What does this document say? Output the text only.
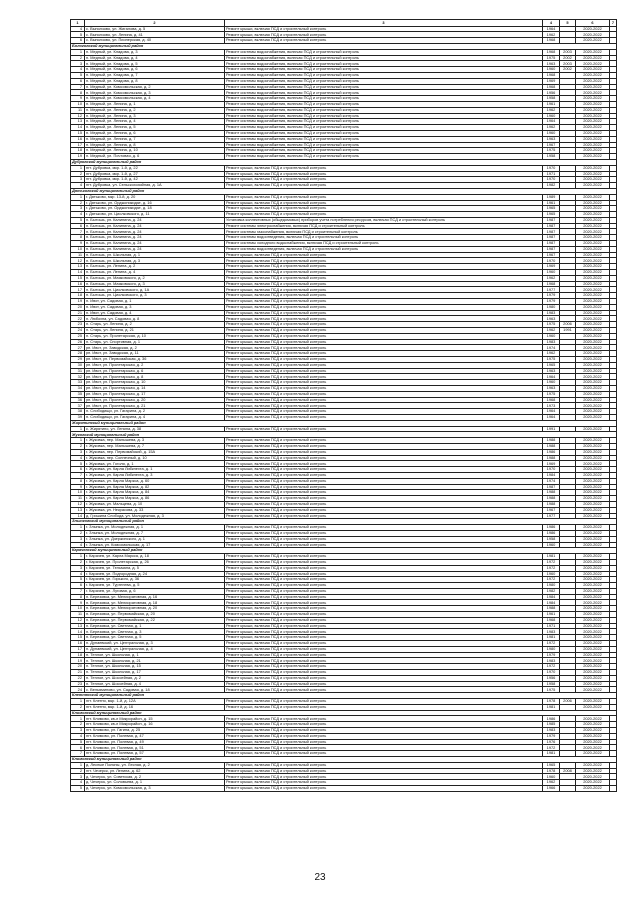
1	2	3	4	5	6	7
4	с. Выползово, ул. Жигалова, д. 5	Ремонт крыши, включая ПСД и строительный контроль	1964		2020-2022	
5	с. Выползово, ул. Ленина, д. 41	Ремонт крыши, включая ПСД и строительный контроль	1962		2020-2022	
6	с. Выползово, ул. Пионерская, д. 40	Ремонт крыши, включая ПСД и строительный контроль	1968		2020-2022	
Бологовский муниципальный район						
1	п. Медный, ул. Кладова, д. 3	Ремонт системы водоснабжения, включая ПСД и строительный контроль	1968	2003	2020-2022	
2	п. Медный, ул. Кладова, д. 4	Ремонт системы водоснабжения, включая ПСД и строительный контроль	1975	2002	2020-2022	
3	п. Медный, ул. Кладова, д. 5	Ремонт системы водоснабжения, включая ПСД и строительный контроль	1963	2003	2020-2022	
4	п. Медный, ул. Кладова, д. 6	Ремонт системы водоснабжения, включая ПСД и строительный контроль	1960	2002	2020-2022	
5	п. Медный, ул. Кладова, д. 7	Ремонт системы водоснабжения, включая ПСД и строительный контроль	1968		2020-2022	
6	п. Медный, ул. Кладова, д. 8	Ремонт системы водоснабжения, включая ПСД и строительный контроль	1969		2020-2022	
7	п. Медный, ул. Комсомольская, д. 2	Ремонт системы водоснабжения, включая ПСД и строительный контроль	1968		2020-2022	
8	п. Медный, ул. Комсомольская, д. 3	Ремонт системы водоснабжения, включая ПСД и строительный контроль	1956		2020-2022	
9	п. Медный, ул. Комсомольская, д. 4	Ремонт системы водоснабжения, включая ПСД и строительный контроль	1958		2020-2022	
10	п. Медный, ул. Ленина, д. 1	Ремонт системы водоснабжения, включая ПСД и строительный контроль	1961		2020-2022	
11	п. Медный, ул. Ленина, д. 2	Ремонт системы водоснабжения, включая ПСД и строительный контроль	1962		2020-2022	
12	п. Медный, ул. Ленина, д. 3	Ремонт системы водоснабжения, включая ПСД и строительный контроль	1960		2020-2022	
13	п. Медный, ул. Ленина, д. 4	Ремонт системы водоснабжения, включая ПСД и строительный контроль	1964		2020-2022	
14	п. Медный, ул. Ленина, д. 5	Ремонт системы водоснабжения, включая ПСД и строительный контроль	1962		2020-2022	
15	п. Медный, ул. Ленина, д. 6	Ремонт системы водоснабжения, включая ПСД и строительный контроль	1960		2020-2022	
16	п. Медный, ул. Ленина, д. 7	Ремонт системы водоснабжения, включая ПСД и строительный контроль	1963		2020-2022	
17	п. Медный, ул. Ленина, д. 8	Ремонт системы водоснабжения, включая ПСД и строительный контроль	1967		2020-2022	
18	п. Медный, ул. Ленина, д. 10	Ремонт системы водоснабжения, включая ПСД и строительный контроль	1975		2020-2022	
19	п. Медный, ул. Почтовая, д. 6	Ремонт системы водоснабжения, включая ПСД и строительный контроль	1958		2020-2022	
Дубровский муниципальный район						
1	пгт. Дубровка, мкр. 1-й, д. 22	Ремонт крыши, включая ПСД и строительный контроль	1970		2020-2022	
2	пгт. Дубровка, мкр. 1-й, д. 27	Ремонт крыши, включая ПСД и строительный контроль	1971		2020-2022	
3	пгт. Дубровка, мкр. 1-й, д. 42	Ремонт крыши, включая ПСД и строительный контроль	1970		2020-2022	
4	пгт. Дубровка, ул. Сельскохозяйная, д. 1А	Ремонт крыши, включая ПСД и строительный контроль	1982		2020-2022	
Дятьковский муниципальный район						
1	г. Дятьково, мкр. 13-й, д. 20	Ремонт крыши, включая ПСД и строительный контроль	1989		2020-2022	
2	г. Дятьково, ул. Орджоникидзе, д. 16	Ремонт крыши, включая ПСД и строительный контроль	1961		2020-2022	
3	г. Дятьково, ул. Орджоникидзе, д. 18	Ремонт крыши, включая ПСД и строительный контроль	1965		2020-2022	
4	г. Дятьково, ул. Циолковского, д. 11	Ремонт крыши, включая ПСД и строительный контроль	1965		2020-2022	
5	п. Бытошь, ул. Калинина, д. 24	Установка коллективных (общедомовых) приборов учета потребления ресурсов, включая ПСД и строительный контроль	1987		2020-2022	
6	п. Бытошь, ул. Калинина, д. 24	Ремонт системы электроснабжения, включая ПСД и строительный контроль	1987		2020-2022	
7	п. Бытошь, ул. Калинина, д. 24	Ремонт системы газоснабжения, включая ПСД и строительный контроль	1987		2020-2022	
8	п. Бытошь, ул. Калинина, д. 24	Ремонт системы водоотведения, включая ПСД и строительный контроль	1987		2020-2022	
9	п. Бытошь, ул. Калинина, д. 24	Ремонт системы холодного водоснабжения, включая ПСД и строительный контроль	1987		2020-2022	
10	п. Бытошь, ул. Калинина, д. 24	Ремонт системы водоотведения, включая ПСД и строительный контроль	1987		2020-2022	
11	п. Бытошь, ул. Школьная, д. 1	Ремонт крыши, включая ПСД и строительный контроль	1967		2020-2022	
12	п. Бытошь, ул. Школьная, д. 3	Ремонт крыши, включая ПСД и строительный контроль	1970		2020-2022	
13	п. Бытошь, ул. Ленина, д. 2	Ремонт крыши, включая ПСД и строительный контроль	1969		2020-2022	
14	п. Бытошь, ул. Ленина, д. 4	Ремонт крыши, включая ПСД и строительный контроль	1960		2020-2022	
15	п. Бытошь, ул. Маяковского, д. 2	Ремонт крыши, включая ПСД и строительный контроль	1962		2020-2022	
16	п. Бытошь, ул. Маяковского, д. 3	Ремонт крыши, включая ПСД и строительный контроль	1968		2020-2022	
17	п. Бытошь, ул. Циолковского, д. 1А	Ремонт крыши, включая ПСД и строительный контроль	1977		2020-2022	
18	п. Бытошь, ул. Циолковского, д. 3	Ремонт крыши, включая ПСД и строительный контроль	1979		2020-2022	
19	п. Ивот, ул. Садовая, д. 1	Ремонт крыши, включая ПСД и строительный контроль	1979		2020-2022	
20	п. Ивот, ул. Садовая, д. 3	Ремонт крыши, включая ПСД и строительный контроль	1980		2020-2022	
21	п. Ивот, ул. Садовая, д. 4	Ремонт крыши, включая ПСД и строительный контроль	1983		2020-2022	
22	п. Любохна, ул. Садовая, д. 8	Ремонт крыши, включая ПСД и строительный контроль	1963		2020-2022	
23	п. Старь, ул. Ленина, д. 2	Ремонт крыши, включая ПСД и строительный контроль	1975	2006	2020-2022	
24	п. Старь, ул. Ленина, д. 21	Ремонт крыши, включая ПСД и строительный контроль	1962	1991	2020-2022	
25	п. Старь, ул. Пролетарская, д. 10	Ремонт крыши, включая ПСД и строительный контроль	1960		2020-2022	
26	п. Старь, ул. Спортивная, д. 1	Ремонт крыши, включая ПСД и строительный контроль	1983		2020-2022	
27	рп. Ивот, ул. Заводская, д. 2	Ремонт крыши, включая ПСД и строительный контроль	1974		2020-2022	
28	рп. Ивот, ул. Заводская, д. 11	Ремонт крыши, включая ПСД и строительный контроль	1962		2020-2022	
29	рп. Ивот, ул. Первомайская, д. 36	Ремонт крыши, включая ПСД и строительный контроль	1975		2020-2022	
30	рп. Ивот, ул. Пролетарская, д. 2	Ремонт крыши, включая ПСД и строительный контроль	1965		2020-2022	
31	рп. Ивот, ул. Пролетарская, д. 6	Ремонт крыши, включая ПСД и строительный контроль	1963		2020-2022	
32	рп. Ивот, ул. Пролетарская, д. 8	Ремонт крыши, включая ПСД и строительный контроль	1964		2020-2022	
33	рп. Ивот, ул. Пролетарская, д. 10	Ремонт крыши, включая ПСД и строительный контроль	1960		2020-2022	
34	рп. Ивот, ул. Пролетарская, д. 14	Ремонт крыши, включая ПСД и строительный контроль	1963		2020-2022	
35	рп. Ивот, ул. Пролетарская, д. 17	Ремонт крыши, включая ПСД и строительный контроль	1975		2020-2022	
36	рп. Ивот, ул. Пролетарская, д. 20	Ремонт крыши, включая ПСД и строительный контроль	1968		2020-2022	
37	рп. Ивот, ул. Пролетарская, д. 21	Ремонт крыши, включая ПСД и строительный контроль	1973		2020-2022	
38	п. Слободищи, ул. Гагарина, д. 2	Ремонт крыши, включая ПСД и строительный контроль	1964		2020-2022	
39	п. Слободищи, ул. Гагарина, д. 4	Ремонт крыши, включая ПСД и строительный контроль	1964		2020-2022	
Жирятинский муниципальный район						
1	с. Жирятино, ул. Ленина, д. 38	Ремонт крыши, включая ПСД и строительный контроль	1991		2020-2022	
Жуковский муниципальный район						
1	г. Жуковка, пер. Малышева, д. 3	Ремонт крыши, включая ПСД и строительный контроль	1988		2020-2022	
2	г. Жуковка, пер. Малышева, д. 7	Ремонт крыши, включая ПСД и строительный контроль	1988		2020-2022	
3	г. Жуковка, пер. Первомайский, д. 15А	Ремонт крыши, включая ПСД и строительный контроль	1986		2020-2022	
4	г. Жуковка, пер. Солнечный, д. 10	Ремонт крыши, включая ПСД и строительный контроль	1988		2020-2022	
5	г. Жуковка, ул. Гоголя, д. 1	Ремонт крыши, включая ПСД и строительный контроль	1969		2020-2022	
6	г. Жуковка, ул. Карла Либкнехта, д. 1	Ремонт крыши, включая ПСД и строительный контроль	1970		2020-2022	
7	г. Жуковка, ул. Карла Либкнехта, д. 3	Ремонт крыши, включая ПСД и строительный контроль	1984		2020-2022	
8	г. Жуковка, ул. Карла Маркса, д. 60	Ремонт крыши, включая ПСД и строительный контроль	1974		2020-2022	
9	г. Жуковка, ул. Карла Маркса, д. 82	Ремонт крыши, включая ПСД и строительный контроль	1987		2020-2022	
10	г. Жуковка, ул. Карла Маркса, д. 84	Ремонт крыши, включая ПСД и строительный контроль	1988		2020-2022	
11	г. Жуковка, ул. Карла Маркса, д. 86	Ремонт крыши, включая ПСД и строительный контроль	1988		2020-2022	
12	г. Жуковка, ул. Мальцева, д. 10	Ремонт крыши, включая ПСД и строительный контроль	1988		2020-2022	
13	г. Жуковка, ул. Некрасова, д. 33	Ремонт крыши, включая ПСД и строительный контроль	1967		2020-2022	
14	д. Гришина Слобода, ул. Молодежная, д. 3	Ремонт крыши, включая ПСД и строительный контроль	1977		2020-2022	
Злынковский муниципальный район						
1	г. Злынка, ул. Молодежная, д. 1	Ремонт крыши, включая ПСД и строительный контроль	1986		2020-2022	
2	г. Злынка, ул. Молодежная, д. 7	Ремонт крыши, включая ПСД и строительный контроль	1986		2020-2022	
3	г. Злынка, ул. Дзержинского, д. 1	Ремонт крыши, включая ПСД и строительный контроль	1958		2020-2022	
4	г. Злынка, ул. Комсомольская, д. 17	Ремонт крыши, включая ПСД и строительный контроль	1960		2020-2022	
Карачевский муниципальный район						
1	г. Карачев, ул. Карла Маркса, д. 18	Ремонт крыши, включая ПСД и строительный контроль	1981		2020-2022	
2	г. Карачев, ул. Пролетарская, д. 26	Ремонт крыши, включая ПСД и строительный контроль	1972		2020-2022	
3	г. Карачев, ул. Тельмана, д. 5	Ремонт крыши, включая ПСД и строительный контроль	1972		2020-2022	
4	г. Карачев, ул. Подгородная, д. 24	Ремонт крыши, включая ПСД и строительный контроль	1960		2020-2022	
5	г. Карачев, ул. Горького, д. 36	Ремонт крыши, включая ПСД и строительный контроль	1972		2020-2022	
6	г. Карачев, ул. Тургенева, д. 5	Ремонт крыши, включая ПСД и строительный контроль	1980		2020-2022	
7	г. Карачев, ул. Луговая, д. 6	Ремонт крыши, включая ПСД и строительный контроль	1982		2020-2022	
8	п. Березовка, ул. Мелиоративная, д. 16	Ремонт крыши, включая ПСД и строительный контроль	1984		2020-2022	
9	п. Березовка, ул. Мелиоративная, д. 18	Ремонт крыши, включая ПСД и строительный контроль	1984		2020-2022	
10	п. Березовка, ул. Мелиоративная, д. 20	Ремонт крыши, включая ПСД и строительный контроль	1988		2020-2022	
11	п. Березовка, ул. Первомайская, д. 20	Ремонт крыши, включая ПСД и строительный контроль	1961		2020-2022	
12	п. Березовка, ул. Первомайская, д. 22	Ремонт крыши, включая ПСД и строительный контроль	1968		2020-2022	
13	п. Березовка, ул. Светлая, д. 1	Ремонт крыши, включая ПСД и строительный контроль	1971		2020-2022	
14	п. Березовка, ул. Светлая, д. 3	Ремонт крыши, включая ПСД и строительный контроль	1983		2020-2022	
15	п. Березовка, ул. Светлая, д. 5	Ремонт крыши, включая ПСД и строительный контроль	1981		2020-2022	
16	п. Дунаевский, ул. Центральная, д. 3	Ремонт крыши, включая ПСД и строительный контроль	1972		2020-2022	
17	п. Дунаевский, ул. Центральная, д. 4	Ремонт крыши, включая ПСД и строительный контроль	1980		2020-2022	
18	п. Теплое, ул. Школьная, д. 1	Ремонт крыши, включая ПСД и строительный контроль	1979		2020-2022	
19	п. Теплое, ул. Школьная, д. 21	Ремонт крыши, включая ПСД и строительный контроль	1983		2020-2022	
20	п. Теплое, ул. Школьная, д. 15	Ремонт крыши, включая ПСД и строительный контроль	1972		2020-2022	
21	п. Теплое, ул. Школьная, д. 17	Ремонт крыши, включая ПСД и строительный контроль	1970		2020-2022	
22	п. Теплое, ул. Шоссейная, д. 2	Ремонт крыши, включая ПСД и строительный контроль	1956		2020-2022	
23	п. Теплое, ул. Шоссейная, д. 4	Ремонт крыши, включая ПСД и строительный контроль	1958		2020-2022	
24	с. Вельяминово, ул. Садовая, д. 18	Ремонт крыши, включая ПСД и строительный контроль	1975		2020-2022	
Клетнянский муниципальный район						
1	пгт. Клетня, мкр. 1-й, д. 12А	Ремонт крыши, включая ПСД и строительный контроль	1978	2006	2020-2022	
2	пгт. Клетня, мкр. 1-й, д. 16	Ремонт крыши, включая ПСД и строительный контроль	1981		2020-2022	
Климовский муниципальный район						
1	пгт. Климово, кв-л Микрорайон, д. 15	Ремонт крыши, включая ПСД и строительный контроль	1986		2020-2022	
2	пгт. Климово, кв-л Микрорайон, д. 16	Ремонт крыши, включая ПСД и строительный контроль	1985		2020-2022	
3	пгт. Климово, ул. Гагина, д. 25	Ремонт крыши, включая ПСД и строительный контроль	1983		2020-2022	
4	пгт. Климово, ул. Полевая, д. 47	Ремонт крыши, включая ПСД и строительный контроль	1979		2020-2022	
5	пгт. Климово, ул. Полевая, д. 49	Ремонт крыши, включая ПСД и строительный контроль	1976		2020-2022	
6	пгт. Климово, ул. Полевая, д. 51	Ремонт крыши, включая ПСД и строительный контроль	1972		2020-2022	
7	пгт. Климово, ул. Полевая, д. 57	Ремонт крыши, включая ПСД и строительный контроль	1981		2020-2022	
Климовский муниципальный район						
1	д. Лесные Поляны, ул. Лесная, д. 2	Ремонт крыши, включая ПСД и строительный контроль	1965		2020-2022	
2	пгт. Чечерск, ул. Ленина, д. 62	Ремонт крыши, включая ПСД и строительный контроль	1978	2008	2020-2022	
3	д. Чечерск, ул. Советская, д. 2	Ремонт крыши, включая ПСД и строительный контроль	1960		2020-2022	
4	д. Чечерск, ул. Соловьева, д. 1	Ремонт крыши, включая ПСД и строительный контроль	1962		2020-2022	
5	д. Чечерск, ул. Комсомольская, д. 3	Ремонт крыши, включая ПСД и строительный контроль	1966		2020-2022	
23
